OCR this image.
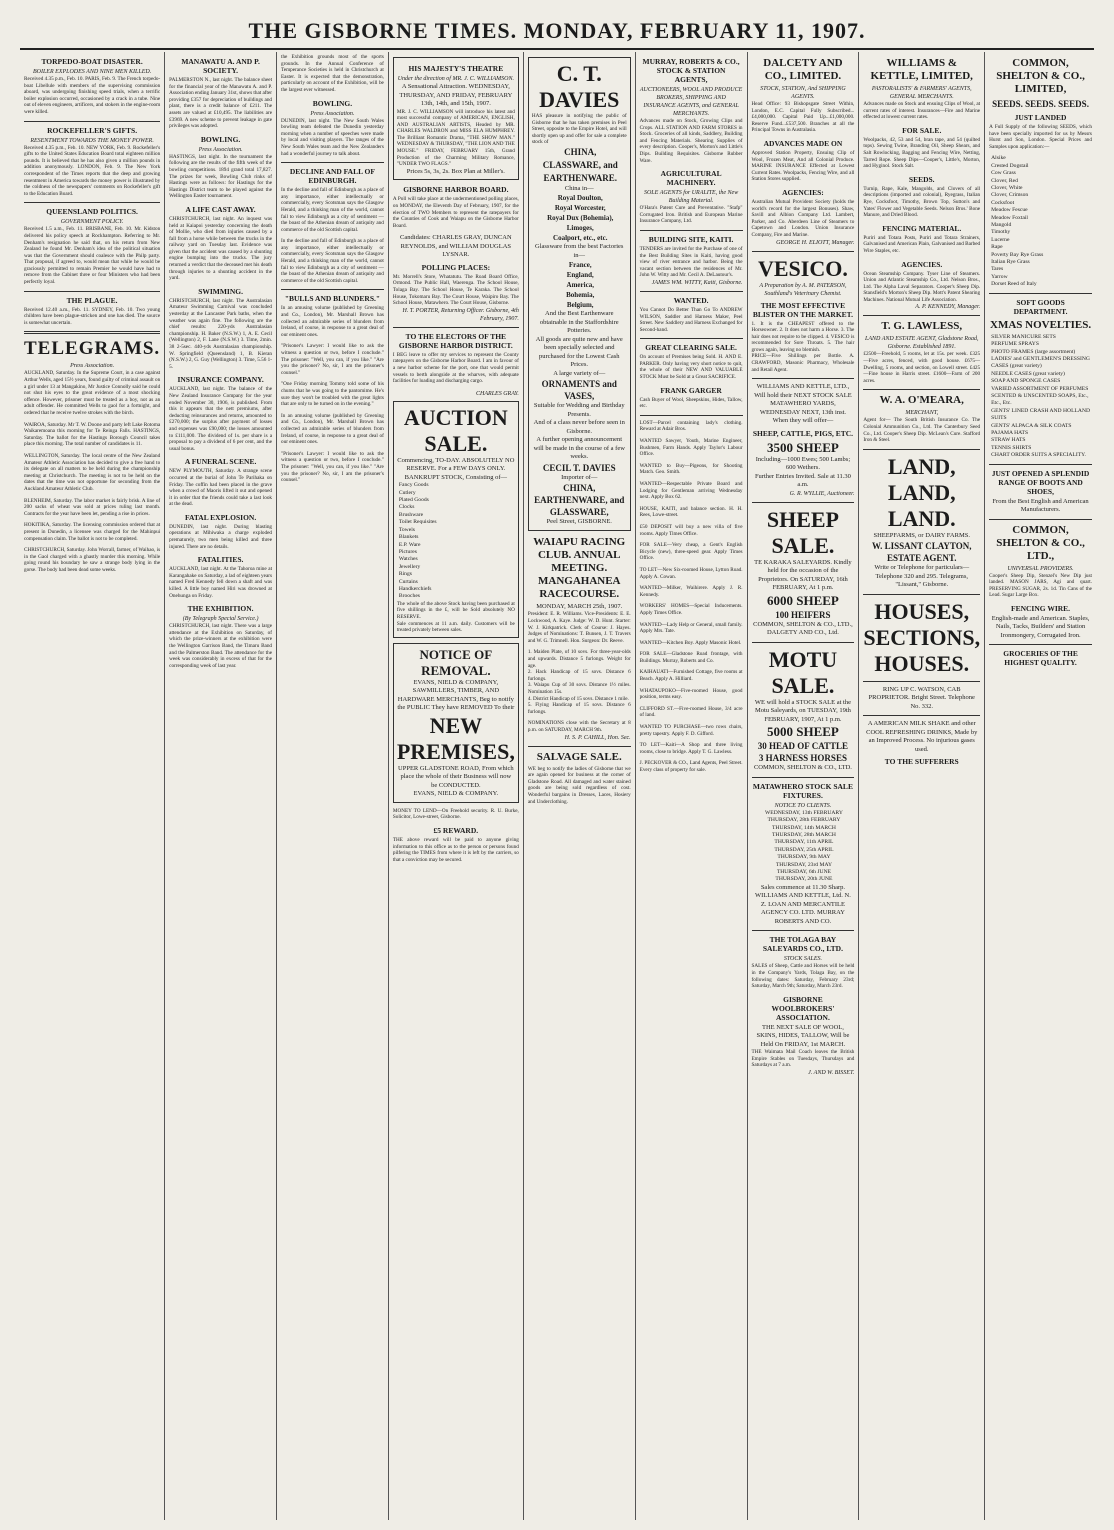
THE GISBORNE TIMES. MONDAY, FEBRUARY 11, 1907.
TORPEDO-BOAT DISASTER.
BOILER EXPLODES AND NINE MEN KILLED.
Received 4.35 p.m., Feb. 10. PARIS, Feb. 9. The French torpedo-boat Libellule with members of the supervising commission aboard, was undergoing finishing speed trials, when a terrific boiler explosion occurred, occasioned by a crack in a tube. Nine out of eleven engineers, artificers, and stokers in the engine-room were killed.
ROCKEFELLER'S GIFTS.
RESENTMENT TOWARDS THE MONEY POWER.
Received 4.35 p.m., Feb. 10. NEW YORK, Feb. 9. Rockefeller's gifts to the United States Education Board total eighteen million pounds. It is believed that he has also given a million pounds in addition anonymously. LONDON, Feb. 9. The New York correspondent of the Times reports that the deep and growing resentment in America towards the money power is illustrated by the coldness of the newspapers' comments on Rockefeller's gift to the Education Board.
QUEENSLAND POLITICS.
GOVERNMENT POLICY.
Received 1.5 a.m., Feb. 11. BRISBANE, Feb. 10. Mr. Kidston delivered his policy speech at Rockhampton. Referring to Mr. Denham's resignation he said that, on his return from New Zealand he found Mr. Denham's idea of the political situation was that the Government should coalesce with the Philp party. That proposal, if agreed to, would mean that while he would be graciously permitted to remain Premier he would have had to remove from the Cabinet three or four Ministers who had been perfectly loyal.
THE PLAGUE.
Received 12.40 a.m., Feb. 11. SYDNEY, Feb. 10. Two young children have been plague-stricken and one has died. The source is somewhat uncertain.
TELEGRAMS.
Press Association.
AUCKLAND, Saturday. In the Supreme Court, in a case against Arthur Wells, aged 15½ years, found guilty of criminal assault on a girl under 13 at Mangakino, Mr Justice Connolly said he could not shut his eyes to the great evidence of a most shocking offence. However, prisoner must be treated as a boy, not as an adult offender. He committed Wells to gaol for a fortnight, and ordered that he receive twelve strokes with the birch.
WAIROA, Saturday. Mr T. W. Doone and party left Lake Rotoma Waikaremoana this morning for Te Reinga Falls. HASTINGS, Saturday. The ballot for the Hastings Borough Council takes place this morning. The total number of candidates is 11.
WELLINGTON, Saturday. The local centre of the New Zealand Amateur Athletic Association has decided to give a free hand to its delegate on all matters to be held during the championship meeting at Christchurch. The meeting is not to be held on the dates that the time was not opportune for seconding from the Auckland Amateur Athletic Club.
BLENHEIM, Saturday. The labor market is fairly brisk. A line of 200 sacks of wheat was sold at prices ruling last month. Contracts for the year have been let, pending a rise in prices.
HOKITIKA, Saturday. The licensing commission ordered that at present in Dunedin, a licensee was charged for the Mahinpui compensation claim. The ballot is not to be completed.
CHRISTCHURCH, Saturday. John Worrall, farmer, of Waihao, is in the Gaol charged with a ghastly murder this morning. While going round his boundary he saw a strange body lying in the gorse. The body had been dead some weeks.
MANAWATU A. AND P. SOCIETY.
PALMERSTON N., last night. The balance sheet for the financial year of the Manawatu A. and P. Association ending January 31st, shows that after providing £357 for depreciation of buildings and plant, there is a credit balance of £211. The assets are valued at £10,495. The liabilities are £3969. A new scheme to prevent leakage in gate privileges was adopted.
BOWLING.
Press Association.
HASTINGS, last night. In the tournament the following are the results of the fifth week of the bowling competitions. 1894 grand total 17,827. The prizes for week, Bowling Club rinks of Hastings were as follows: for Hastings for the Hastings District team to be played against the Wellington Easter tournament.
A LIFE CAST AWAY.
CHRISTCHURCH, last night. An inquest was held at Kaiapoi yesterday concerning the death of Mollie, who died from injuries caused by a fall from a horse while between the trucks in the railway yard on Tuesday last. Evidence was given that the accident was caused by a shunting engine bumping into the trucks. The jury returned a verdict that the deceased met his death through injuries to a shunting accident in the yard.
SWIMMING.
CHRISTCHURCH, last night. The Australasian Amateur Swimming Carnival was concluded yesterday at the Lancaster Park baths, when the weather was again fine. The following are the chief results: 220-yds Australasian championship. H. Baker (N.S.W.) 1, A. E. Cecil (Wellington) 2, F. Lane (N.S.W.) 3. Time, 2min. 38 2-5sec. 440-yds Australasian championship. W. Springfield (Queensland) 1, B. Kieran (N.S.W.) 2, G. Guy (Wellington) 3. Time, 5.56 1-5.
INSURANCE COMPANY.
AUCKLAND, last night. The balance of the New Zealand Insurance Company for the year ended November 30, 1906, is published. From this it appears that the nett premiums, after deducting reinsurances and returns, amounted to £270,000; the surplus after payment of losses and expenses was £90,000; the losses amounted to £111,000. The dividend of 1s. per share is a proposal to pay a dividend of 6 per cent, and the usual bonus.
A FUNERAL SCENE.
NEW PLYMOUTH, Saturday. A strange scene occurred at the burial of John Te Parihaka on Friday. The coffin had been placed in the grave when a crowd of Maoris lifted it out and opened it in order that the friends could take a last look at the dead.
FATAL EXPLOSION.
DUNEDIN, last night. During blasting operations at Mihiwaka a charge exploded prematurely, two men being killed and three injured. There are no details.
FATALITIES.
AUCKLAND, last night. At the Tahoroa mine at Karangahake on Saturday, a lad of eighteen years named Fred Kennedy fell down a shaft and was killed. A little boy named Hiri was drowned at Onehunga on Friday.
THE EXHIBITION.
(By Telegraph Special Service.)
CHRISTCHURCH, last night. There was a large attendance at the Exhibition on Saturday, of which the prize-winners at the exhibition were the Wellington Garrison Band, the Timaru Band and the Palmerston Band. The attendance for the week was considerably in excess of that for the corresponding week of last year.
the Exhibition grounds most of the sports grounds. In the Annual Conference of Temperance Societies is held in Christchurch at Easter. It is expected that the demonstration, particularly on account of the Exhibition, will be the largest ever witnessed.
BOWLING.
Press Association.
DUNEDIN, last night. The New South Wales bowling team defeated the Dunedin yesterday morning when a number of speeches were made by local and visiting players. The ranges of the New South Wales team and the New Zealanders had a wonderful journey to talk about.
DECLINE AND FALL OF EDINBURGH.
In the decline and fall of Edinburgh as a place of any importance, either intellectually or commercially, every Scotsman says the Glasgow Herald, and a thinking man of the world, cannot fail to view Edinburgh as a city of sentiment — the boast of the Athenian dream of antiquity and commerce of the old Scottish capital.
In the decline and fall of Edinburgh as a place of any importance, either intellectually or commercially, every Scotsman says the Glasgow Herald, and a thinking man of the world, cannot fail to view Edinburgh as a city of sentiment — the boast of the Athenian dream of antiquity and commerce of the old Scottish capital.
"BULLS AND BLUNDERS."
In an amusing volume (published by Greening and Co., London), Mr. Marshall Brown has collected an admirable series of blunders from Ireland, of course, in response to a great deal of our eminent ones.
"Prisoner's Lawyer: I would like to ask the witness a question or two, before I conclude." The prisoner: "Well, you can, if you like." "Are you the prisoner? No, sir, I am the prisoner's counsel."
"One Friday morning Tommy told some of his chums that he was going to the pantomime. He's sure they won't be troubled with the great lights that are only to be turned on in the evening."
In an amusing volume (published by Greening and Co., London), Mr. Marshall Brown has collected an admirable series of blunders from Ireland, of course, in response to a great deal of our eminent ones.
"Prisoner's Lawyer: I would like to ask the witness a question or two, before I conclude." The prisoner: "Well, you can, if you like." "Are you the prisoner? No, sir, I am the prisoner's counsel."
HIS MAJESTY'S THEATRE
Under the direction of MR. J. C. WILLIAMSON.
A Sensational Attraction. WEDNESDAY, THURSDAY, AND FRIDAY, FEBRUARY 13th, 14th, and 15th, 1907.
MR. J. C. WILLIAMSON will introduce his latest and most successful company of AMERICAN, ENGLISH, AND AUSTRALIAN ARTISTS, Headed by MR. CHARLES WALDRON and MISS ELA HUMPHREY. The Brilliant Romantic Drama, "THE SHOW MAN." WEDNESDAY & THURSDAY, "THE LION AND THE MOUSE." FRIDAY, FEBRUARY 15th, Grand Production of the Charming Military Romance, "UNDER TWO FLAGS."
Prices 5s, 3s, 2s. Box Plan at Miller's.
GISBORNE HARBOR BOARD.
A Poll will take place at the undermentioned polling places, on MONDAY, the Eleventh Day of February, 1907, for the election of TWO Members to represent the ratepayers for the Counties of Cook and Waiapu on the Gisborne Harbor Board.
Candidates: CHARLES GRAY, DUNCAN REYNOLDS, and WILLIAM DOUGLAS LYSNAR.
POLLING PLACES:
Mr. Morrell's Store, Whatatutu. The Road Board Office, Ormond. The Public Hall, Waerenga. The School House, Tolaga Bay. The School House, Te Karaka. The School House, Tokomaru Bay. The Court House, Waipiro Bay. The School House, Matawhero. The Court House, Gisborne.
H. T. PORTER, Returning Officer. Gisborne, 4th February, 1907.
TO THE ELECTORS OF THE GISBORNE HARBOR DISTRICT.
I BEG leave to offer my services to represent the County ratepayers on the Gisborne Harbor Board. I am in favour of a new harbor scheme for the port, one that would permit vessels to berth alongside at the wharves, with adequate facilities for loading and discharging cargo.
CHARLES GRAY.
AUCTION SALE.
Commencing, TO-DAY. ABSOLUTELY NO RESERVE. For a FEW DAYS ONLY.
BANKRUPT STOCK, Consisting of—
Fancy Goods
Cutlery
Plated Goods
Clocks
Brushware
Toilet Requisites
Towels
Blankets
E.P. Ware
Pictures
Watches
Jewellery
Rings
Curtains
Handkerchiefs
Brooches
The whole of the above Stock having been purchased at five shillings in the £, will be Sold absolutely NO RESERVE.
Sale commences at 11 a.m. daily. Customers will be treated privately between sales.
NOTICE OF REMOVAL.
EVANS, NIELD & COMPANY, SAWMILLERS, TIMBER, AND HARDWARE MERCHANTS, Beg to notify the PUBLIC They have REMOVED To their
NEW PREMISES,
UPPER GLADSTONE ROAD, From which place the whole of their Business will now be CONDUCTED.
EVANS, NIELD & COMPANY.
MONEY TO LEND—On Freehold security. R. U. Burke, Solicitor, Lowe-street, Gisborne.
£5 REWARD.
THE above reward will be paid to anyone giving information to this office as to the person or persons found pilfering the TIMES from where it is left by the carriers, so that a conviction may be secured.
C. T. DAVIES
HAS pleasure in notifying the public of Gisborne that he has taken premises in Peel Street, opposite to the Empire Hotel, and will shortly open up and offer for sale a complete stock of
CHINA,
CLASSWARE, and
EARTHENWARE.
China in—
Royal Doulton,
Royal Worcester,
Royal Dux (Bohemia),
Limoges,
Coalport, etc., etc.
Glassware from the best Factories in—
France,
England,
America,
Bohemia,
Belgium,
And the Best Earthenware obtainable in the Staffordshire Potteries.
All goods are quite new and have been specially selected and purchased for the Lowest Cash Prices.
A large variety of—
ORNAMENTS and VASES,
Suitable for Wedding and Birthday Presents.
And of a class never before seen in Gisborne.
A further opening announcement will be made in the course of a few weeks.
CECIL T. DAVIES
Importer of—
CHINA, EARTHENWARE, and GLASSWARE,
Peel Street, GISBORNE.
WAIAPU RACING CLUB. ANNUAL MEETING. MANGAHANEA RACECOURSE.
MONDAY, MARCH 25th, 1907.
President: E. R. Williams. Vice-Presidents: E. E. Lockwood, A. Kaye. Judge: W. D. Hunt. Starter: W. J. Kirkpatrick. Clerk of Course: J. Hayes. Judges of Nominations: T. Bunsen, J. T. Travers and W. G. Trimnell. Hon. Surgeon: Dr. Reeve.
1. Maiden Plate, of 10 sovs. For three-year-olds and upwards. Distance 5 furlongs. Weight for age.
2. Hack Handicap of 15 sovs. Distance 6 furlongs.
3. Waiapu Cup of 30 sovs. Distance 1½ miles. Nomination 15s.
4. District Handicap of 15 sovs. Distance 1 mile.
5. Flying Handicap of 15 sovs. Distance 6 furlongs.
NOMINATIONS close with the Secretary at 8 p.m. on SATURDAY, MARCH 9th.
H. S. P. CAHILL, Hon. Sec.
SALVAGE SALE.
WE beg to notify the ladies of Gisborne that we are again opened for business at the corner of Gladstone Road. All damaged and water stained goods are being sold regardless of cost. Wonderful bargains in Dresses, Laces, Hosiery and Underclothing.
MURRAY, ROBERTS & CO., STOCK & STATION AGENTS,
AUCTIONEERS, WOOL AND PRODUCE BROKERS, SHIPPING AND INSURANCE AGENTS, and GENERAL MERCHANTS.
Advances made on Stock, Growing Clips and Crops. ALL STATION AND FARM STORES in Stock. Groceries of all kinds, Saddlery, Building and Fencing Materials. Shearing Supplies of every description. Cooper's, Morton's and Little's Dips. Building Requisites. Gisborne Rubber Ware.
AGRICULTURAL MACHINERY.
SOLE AGENTS for URALITE, the New Building Material.
O'Hara's Patent Cure and Preventative. "Stafp" Corrugated Iron. British and European Marine Insurance Company, Ltd.
BUILDING SITE, KAITI.
TENDERS are invited for the Purchase of one of the Best Building Sites in Kaiti, having good view of river entrance and harbor. Being the vacant section between the residences of Mr. John W. Witty and Mr. Cecil A. DeLautour's.
JAMES WM. WITTY, Kaiti, Gisborne.
WANTED.
You Cannot Do Better Than Go To ANDREW WILSON, Saddler and Harness Maker, Peel Street. New Saddlery and Harness Exchanged for Second-hand.
GREAT CLEARING SALE.
On account of Premises being Sold. H. AND E. PARKER. Only having very short notice to quit, the whole of their NEW AND VALUABLE STOCK Must be Sold at a Great SACRIFICE.
FRANK GARGER
Cash Buyer of Wool, Sheepskins, Hides, Tallow, etc.
LOST—Parcel containing lady's clothing. Reward at Adair Bros.
WANTED Sawyer, Youth, Marine Engineer, Bushmen, Farm Hands. Apply Taylor's Labour Office.
WANTED to Buy—Pigeons, for Shooting Match. Geo. Smith.
WANTED—Respectable Private Board and Lodging for Gentleman arriving Wednesday next. Apply Box 62.
HOUSE, KAITI, and balance section. H. H. Rees, Lowe-street.
£50 DEPOSIT will buy a new villa of five rooms. Apply Times Office.
FOR SALE—Very cheap, a Gent's English Bicycle (new), three-speed gear. Apply Times Office.
TO LET—New Six-roomed House, Lytton Road. Apply A. Cowan.
WANTED—Milker, Waihirere. Apply J. R. Kennedy.
WORKERS' HOMES—Special Inducements. Apply Times Office.
WANTED—Lady Help or General, small family. Apply Mrs. Tate.
WANTED—Kitchen Boy. Apply Masonic Hotel.
FOR SALE—Gladstone Road frontage, with Buildings. Murray, Roberts and Co.
KAIHAUATI—Furnished Cottage, five rooms at Beach. Apply A. Hilliard.
WHATAUPOKO—Five-roomed House, good position, terms easy.
CLIFFORD ST.—Five-roomed House, 3/4 acre of land.
WANTED TO PURCHASE—two rows chairs, pretty tapestry. Apply F. D. Gifford.
TO LET—Kaiti—A Shop and three living rooms, close to bridge. Apply T. G. Lawless.
J. PECKOVER & CO., Land Agents, Peel Street. Every class of property for sale.
DALCETY AND CO., LIMITED.
STOCK, STATION, And SHIPPING AGENTS.
Head Office: 93 Bishopsgate Street Within, London, E.C. Capital Fully Subscribed...£4,000,000. Capital Paid Up...£1,000,000. Reserve Fund...£537,500. Branches at all the Principal Towns in Australasia.
ADVANCES MADE ON
Approved Station Property, Ensuing Clip of Wool, Frozen Meat, And all Colonial Produce. MARINE INSURANCE Effected at Lowest Current Rates. Woolpacks, Fencing Wire, and all Station Stores supplied.
AGENCIES:
Australian Mutual Provident Society (holds the world's record for the largest Bonuses). Shaw, Savill and Albion Company Ltd. Lambert, Parker, and Co. Aberdeen Line of Steamers to Capetown and London. Union Insurance Company, Fire and Marine.
GEORGE H. ELIOTT, Manager.
VESICO.
A Preparation by A. M. PATERSON, Southland's Veterinary Chemist.
THE MOST EFFECTIVE BLISTER ON THE MARKET.
1. It is the CHEAPEST offered to the Horseowner. 2. It does not harm a Horse. 3. The hair does not require to be clipped. 4. VESICO is recommended for Sore Throats. 5. The hair grows again, leaving no blemish.
PRICE—Five Shillings per Bottle. A. CRAWFORD, Masonic Pharmacy, Wholesale and Retail Agent.
WILLIAMS AND KETTLE, LTD., Will hold their NEXT STOCK SALE MATAWHERO YARDS, WEDNESDAY NEXT, 13th inst. When they will offer—
SHEEP, CATTLE, PIGS, ETC.
3500 SHEEP
Including—1000 Ewes; 500 Lambs; 600 Wethers.
Further Entries Invited. Sale at 11.30 a.m.
G. R. WYLLIE, Auctioneer.
SHEEP SALE.
TE KARAKA SALEYARDS. Kindly held for the occasion of the Proprietors. On SATURDAY, 16th FEBRUARY, At 1 p.m.
6000 SHEEP
100 HEIFERS
COMMON, SHELTON & CO., LTD., DALGETY AND CO., Ltd.
MOTU SALE.
WE will hold a STOCK SALE at the Motu Saleyards, on TUESDAY, 19th FEBRUARY, 1907, At 1 p.m.
5000 SHEEP
30 HEAD OF CATTLE
3 HARNESS HORSES
COMMON, SHELTON & CO., LTD.
MATAWHERO STOCK SALE FIXTURES.
NOTICE TO CLIENTS.
WEDNESDAY, 13th FEBRUARY
THURSDAY, 28th FEBRUARY
THURSDAY, 14th MARCH
THURSDAY, 28th MARCH
THURSDAY, 11th APRIL
THURSDAY, 25th APRIL
THURSDAY, 9th MAY
THURSDAY, 23rd MAY
THURSDAY, 6th JUNE
THURSDAY, 20th JUNE
Sales commence at 11.30 Sharp. WILLIAMS AND KETTLE, Ltd. N. Z. LOAN AND MERCANTILE AGENCY CO. LTD. MURRAY ROBERTS AND CO.
THE TOLAGA BAY SALEYARDS CO., LTD.
STOCK SALES.
SALES of Sheep, Cattle and Horses will be held in the Company's Yards, Tolaga Bay, on the following dates: Saturday, February 23rd; Saturday, March 9th; Saturday, March 23rd.
GISBORNE WOOLBROKERS' ASSOCIATION.
THE NEXT SALE OF WOOL, SKINS, HIDES, TALLOW, Will be Held On FRIDAY, 1st MARCH.
THE Waimata Mail Coach leaves the British Empire Stables on Tuesdays, Thursdays and Saturdays at 7 a.m.
J. AND W. BISSET.
WILLIAMS & KETTLE, LIMITED,
PASTORALISTS' & FARMERS' AGENTS, GENERAL MERCHANTS.
Advances made on Stock and ensuing Clips of Wool, at current rates of interest. Insurances—Fire and Marine effected at lowest current rates.
FOR SALE.
Woolpacks, 42, 53 and 54, bran tape, and 54 (quilted tops). Sewing Twine, Branding Oil, Sheep Shears, and Salt Rowlocking, Bagging and Fencing Wire, Netting, Tarred Rope. Sheep Dips—Cooper's, Little's, Morton, and Hyginol. Stock Salt.
SEEDS.
Turnip, Rape, Kale, Mangolds, and Clovers of all descriptions (imported and colonial), Ryegrass, Italian Rye, Cocksfoot, Timothy, Brown Top, Sutton's and Yates' Flower and Vegetable Seeds. Nelson Bros.' Bone Manure, and Dried Blood.
FENCING MATERIAL.
Puriri and Totara Posts, Puriri and Totara Strainers, Galvanised and American Plain, Galvanised and Barbed Wire Staples, etc.
AGENCIES.
Ocean Steamship Company. Tyser Line of Steamers. Union and Atlantic Steamship Co., Ltd. Nelson Bros., Ltd. The Alpha Laval Separators. Cooper's Sheep Dip. Stansfield's Morton's Sheep Dip. Mott's Patent Shearing Machines. National Mutual Life Association.
A. P. KENNEDY, Manager.
T. G. LAWLESS,
LAND AND ESTATE AGENT, Gladstone Road, Gisborne. Established 1891.
£2500—Freehold, 5 rooms, let at 15s. per week. £325—Five acres, fenced, with good house. £675—Dwelling, 5 rooms, and section, on Lowell street. £425—Fine house in Harris street. £1600—Farm of 200 acres.
W. A. O'MEARA,
MERCHANT,
Agent for— The South British Insurance Co. The Colonial Ammunition Co., Ltd. The Canterbury Seed Co., Ltd. Cooper's Sheep Dip. McLean's Cure. Stafford Iron & Steel.
LAND, LAND, LAND.
SHEEPFARMS, or DAIRY FARMS.
W. LISSANT CLAYTON, ESTATE AGENT.
Write or Telephone for particulars—Telephone 320 and 295. Telegrams, "Lissant," Gisborne.
HOUSES, SECTIONS, HOUSES.
RING UP C. WATSON, CAB PROPRIETOR. Bright Street. Telephone No. 332.
A AMERICAN MILK SHAKE and other COOL REFRESHING DRINKS, Made by an Improved Process. No injurious gases used.
TO THE SUFFERERS
COMMON, SHELTON & CO., LIMITED,
SEEDS. SEEDS. SEEDS.
JUST LANDED
A Full Supply of the following SEEDS, which have been specially imported for us by Messrs Hurst and Son, London. Special Prices and Samples upon application:—
Alsike
Crested Dogstail
Cow Grass
Clover, Red
Clover, White
Clover, Crimson
Cocksfoot
Meadow Fescue
Meadow Foxtail
Mangold
Timothy
Lucerne
Rape
Poverty Bay Rye Grass
Italian Rye Grass
Tares
Yarrow
Dorset Reed of Italy
SOFT GOODS DEPARTMENT.
XMAS NOVELTIES.
SILVER MANICURE SETS
PERFUME SPRAYS
PHOTO FRAMES (large assortment)
LADIES' and GENTLEMEN'S DRESSING CASES (great variety)
NEEDLE CASES (great variety)
SOAP AND SPONGE CASES
VARIED ASSORTMENT OF PERFUMES
SCENTED & UNSCENTED SOAPS, Etc., Etc., Etc.
GENTS' LINED CRASH AND HOLLAND SUITS
GENTS' ALPACA & SILK COATS
PAJAMA HATS
STRAW HATS
TENNIS SHIRTS
CHART ORDER SUITS A SPECIALITY.
JUST OPENED A SPLENDID RANGE OF BOOTS AND SHOES,
From the Best English and American Manufacturers.
COMMON, SHELTON & CO., LTD.,
UNIVERSAL PROVIDERS.
Cooper's Sheep Dip, Stenzel's New Dip just landed. MASON JARS, Agi and quart. PRESERVING SUGAR, 2s. 1d. Tin Cans of the Lead. Sugar Large Box.
FENCING WIRE.
English-made and American. Staples, Nails, Tacks, Builders' and Station Ironmongery, Corrugated Iron.
GROCERIES OF THE HIGHEST QUALITY.
